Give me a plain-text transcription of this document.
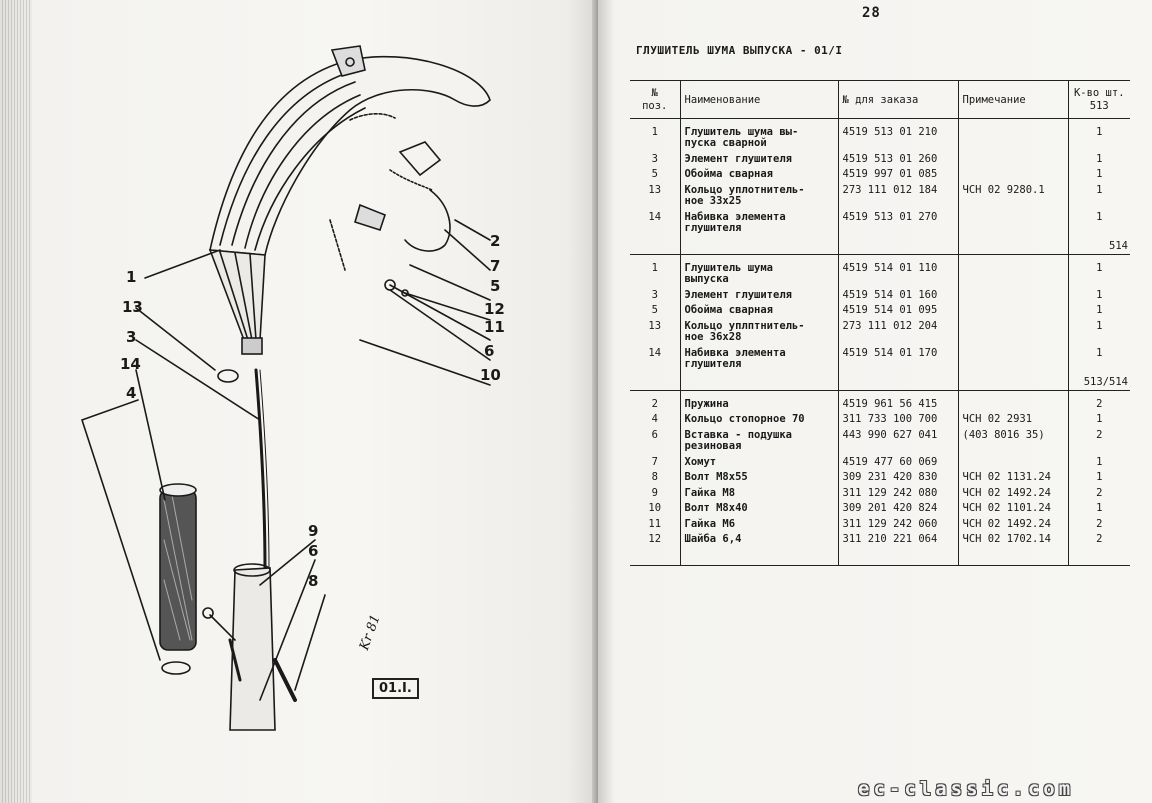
1
13
3
14
4
2
7
5
12
11
6
10
9
6
8
Kr 81
01.I.
28
ГЛУШИТЕЛЬ ШУМА ВЫПУСКА - 01/I
№
поз.	Наименование	№ для заказа	Примечание	К-во шт.
513

1	Глушитель шума вы-
пуска сварной	4519 513 01 210		1
3	Элемент глушителя	4519 513 01 260		1
5	Обойма сварная	4519 997 01 085		1
13	Кольцо уплотнитель-
ное 33х25	273 111 012 184	ЧСН 02 9280.1	1
14	Набивка элемента
глушителя	4519 513 01 270		1
				514

1	Глушитель шума
выпуска	4519 514 01 110		1
3	Элемент глушителя	4519 514 01 160		1
5	Обойма сварная	4519 514 01 095		1
13	Кольцо уплптнитель-
ное 36х28	273 111 012 204		1
14	Набивка элемента
глушителя	4519 514 01 170		1
				513/514

2	Пружина	4519 961 56 415		2
4	Кольцо стопорное 70	311 733 100 700	ЧСН 02 2931	1
6	Вставка - подушка
резиновая	443 990 627 041	(403 8016 35)	2
7	Хомут	4519 477 60 069		1
8	Волт М8х55	309 231 420 830	ЧСН 02 1131.24	1
9	Гайка М8	311 129 242 080	ЧСН 02 1492.24	2
10	Волт М8х40	309 201 420 824	ЧСН 02 1101.24	1
11	Гайка М6	311 129 242 060	ЧСН 02 1492.24	2
12	Шайба 6,4	311 210 221 064	ЧСН 02 1702.14	2

ec-classic.com
